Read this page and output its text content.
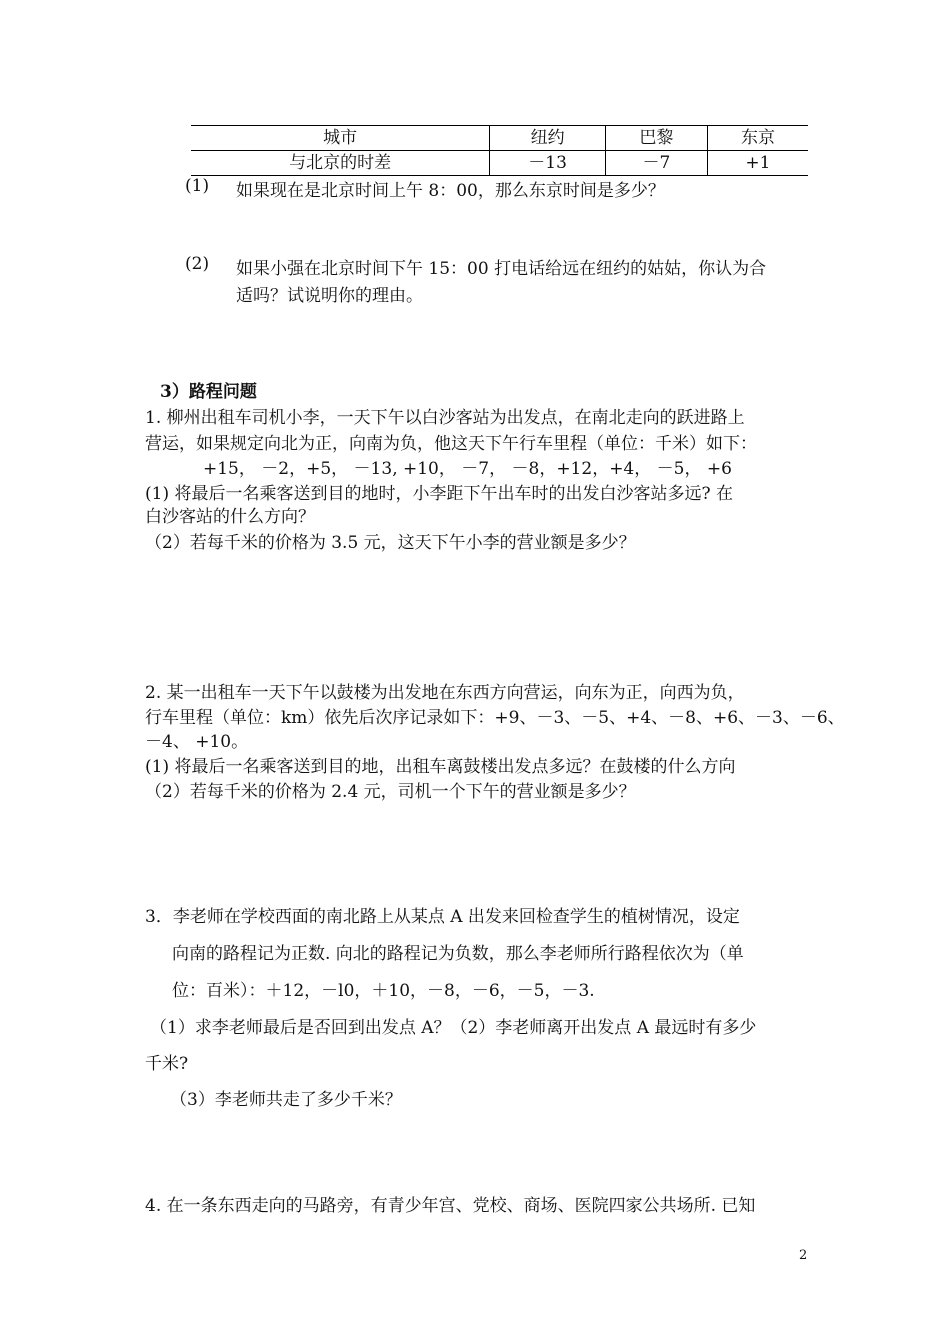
城市	纽约	巴黎	东京
与北京的时差	－13	－7	+1
(1) 如果现在是北京时间上午 8：00，那么东京时间是多少？
(2) 如果小强在北京时间下午 15：00 打电话给远在纽约的姑姑，你认为合
适吗？试说明你的理由。
3）路程问题
1. 柳州出租车司机小李，一天下午以白沙客站为出发点，在南北走向的跃进路上
营运，如果规定向北为正，向南为负，他这天下午行车里程（单位：千米）如下：
+15， －2，+5， －13, +10， －7， －8，+12，+4， －5， +6
(1) 将最后一名乘客送到目的地时，小李距下午出车时的出发白沙客站多远? 在
白沙客站的什么方向？
（2）若每千米的价格为 3.5 元，这天下午小李的营业额是多少？
2. 某一出租车一天下午以鼓楼为出发地在东西方向营运，向东为正，向西为负，
行车里程（单位：km）依先后次序记录如下：+9、－3、－5、+4、－8、+6、－3、－6、
－4、 +10。
(1) 将最后一名乘客送到目的地，出租车离鼓楼出发点多远？在鼓楼的什么方向
（2）若每千米的价格为 2.4 元，司机一个下午的营业额是多少？
3．李老师在学校西面的南北路上从某点 A 出发来回检查学生的植树情况，设定
向南的路程记为正数. 向北的路程记为负数，那么李老师所行路程依次为（单
位：百米）：＋12，－l0，＋10，－8，－6，－5，－3.
（1）求李老师最后是否回到出发点 A？（2）李老师离开出发点 A 最远时有多少
千米?
（3）李老师共走了多少千米？
4. 在一条东西走向的马路旁，有青少年宫、党校、商场、医院四家公共场所. 已知
2
